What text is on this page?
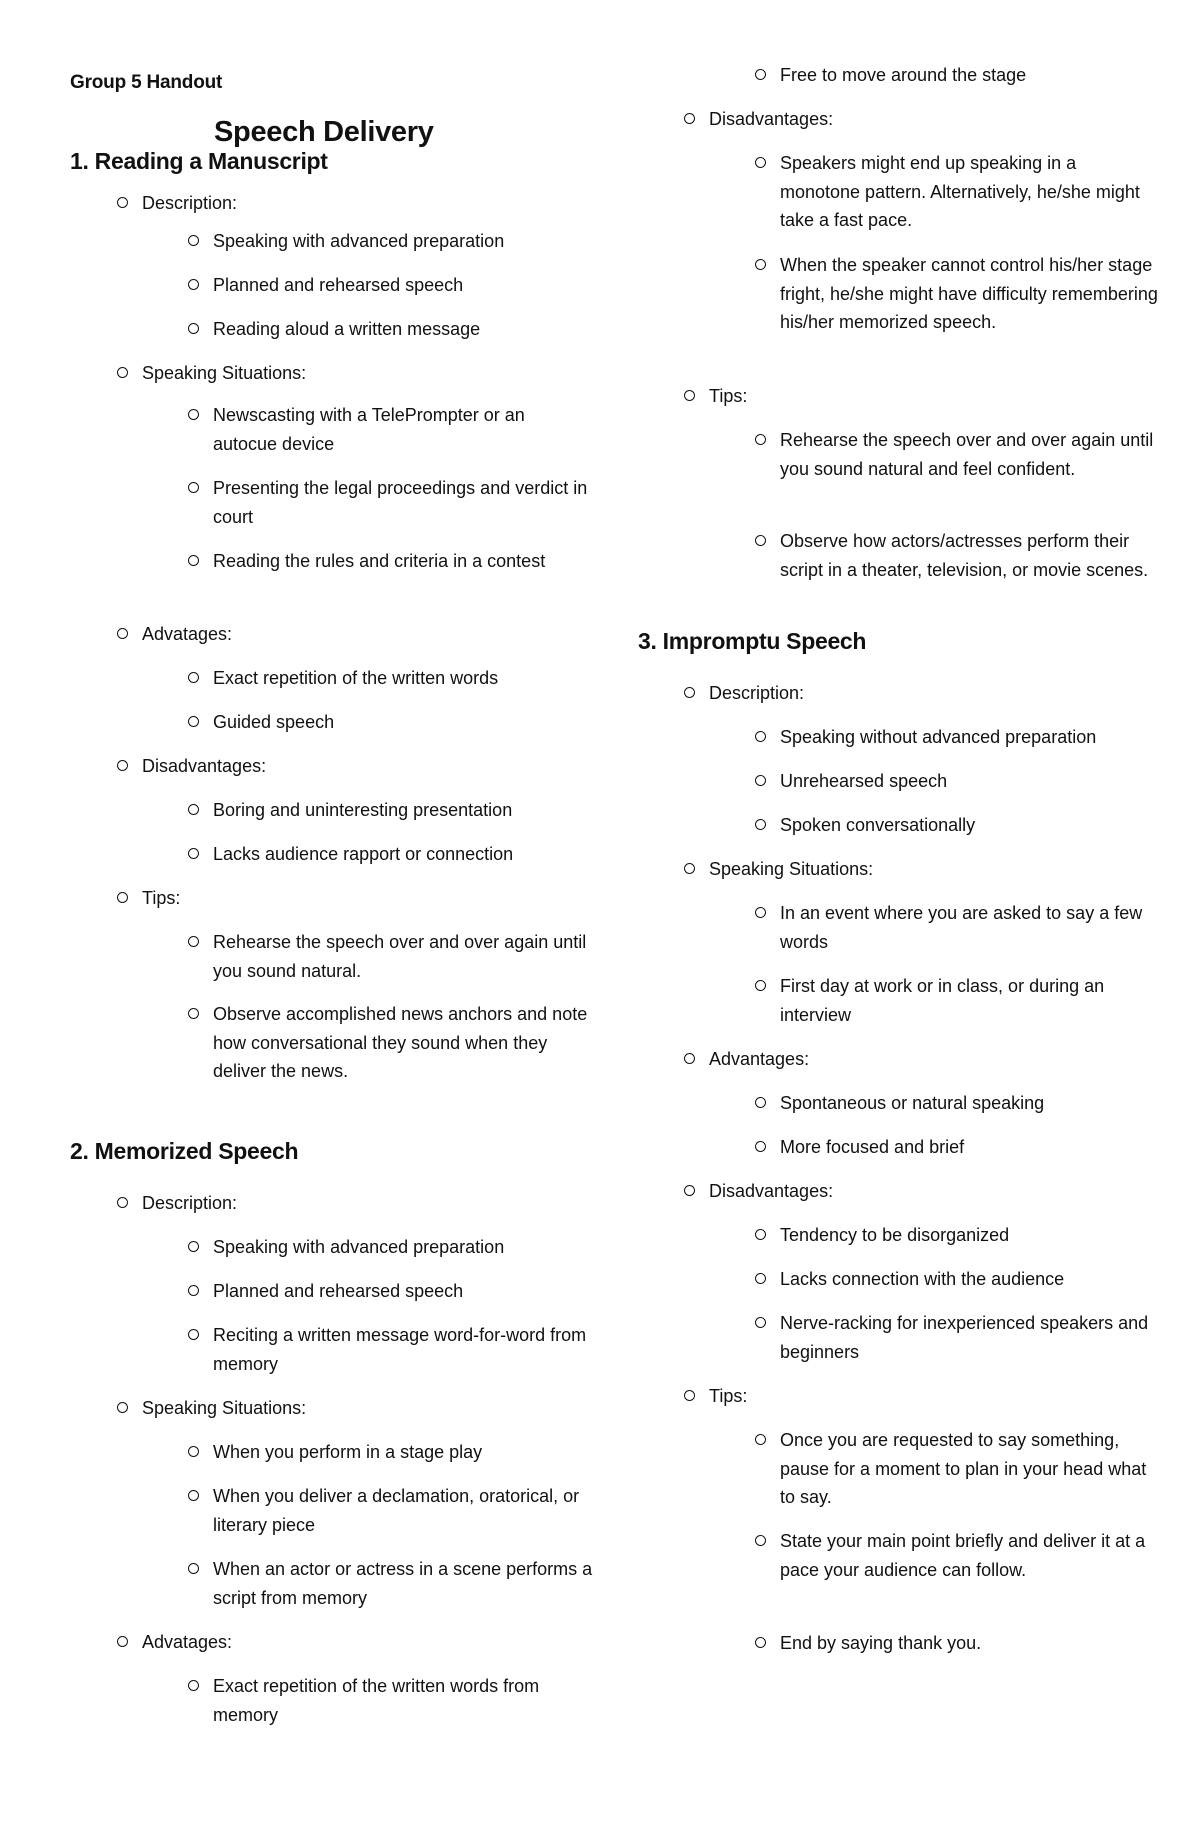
Group 5 Handout
Speech Delivery
1. Reading a Manuscript
Description:
Speaking with advanced preparation
Planned and rehearsed speech
Reading aloud a written message
Speaking Situations:
Newscasting with a TelePrompter or an autocue device
Presenting the legal proceedings and verdict in court
Reading the rules and criteria in a contest
Advatages:
Exact repetition of the written words
Guided speech
Disadvantages:
Boring and uninteresting presentation
Lacks audience rapport or connection
Tips:
Rehearse the speech over and over again until you sound natural.
Observe accomplished news anchors and note how conversational they sound when they deliver the news.
2. Memorized Speech
Description:
Speaking with advanced preparation
Planned and rehearsed speech
Reciting a written message word-for-word from memory
Speaking Situations:
When you perform in a stage play
When you deliver a declamation, oratorical, or literary piece
When an actor or actress in a scene performs a script from memory
Advatages:
Exact repetition of the written words from memory
Free to move around the stage
Disadvantages:
Speakers might end up speaking in a monotone pattern. Alternatively, he/she might take a fast pace.
When the speaker cannot control his/her stage fright, he/she might have difficulty remembering his/her memorized speech.
Tips:
Rehearse the speech over and over again until you sound natural and feel confident.
Observe how actors/actresses perform their script in a theater, television, or movie scenes.
3. Impromptu Speech
Description:
Speaking without advanced preparation
Unrehearsed speech
Spoken conversationally
Speaking Situations:
In an event where you are asked to say a few words
First day at work or in class, or during an interview
Advantages:
Spontaneous or natural speaking
More focused and brief
Disadvantages:
Tendency to be disorganized
Lacks connection with the audience
Nerve-racking for inexperienced speakers and beginners
Tips:
Once you are requested to say something, pause for a moment to plan in your head what to say.
State your main point briefly and deliver it at a pace your audience can follow.
End by saying thank you.
